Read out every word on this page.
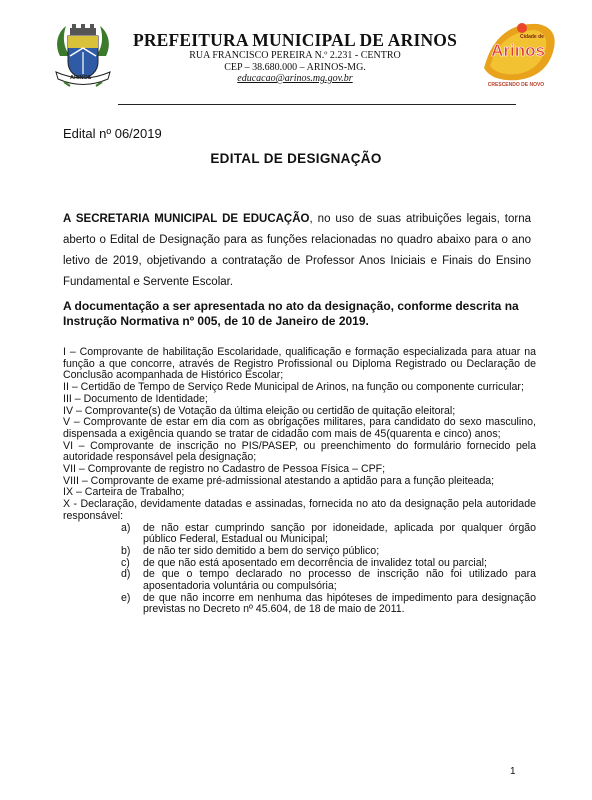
ARINOS
PREFEITURA MUNICIPAL DE ARINOS
RUA FRANCISCO PEREIRA N.º 2.231 - CENTRO
CEP – 38.680.000 – ARINOS-MG.
educacao@arinos.mg.gov.br
Arinos
Cidade de
CRESCENDO DE NOVO
Edital nº 06/2019
EDITAL DE DESIGNAÇÃO
A SECRETARIA MUNICIPAL DE EDUCAÇÃO, no uso de suas atribuições legais, torna aberto o Edital de Designação para as funções relacionadas no quadro abaixo para o ano letivo de 2019, objetivando a contratação de Professor Anos Iniciais e Finais do Ensino Fundamental e Servente Escolar.
A documentação a ser apresentada no ato da designação, conforme descrita na Instrução Normativa nº 005, de 10 de Janeiro de 2019.

I – Comprovante de habilitação Escolaridade, qualificação e formação especializada para atuar na função a que concorre, através de Registro Profissional ou Diploma Registrado ou Declaração de Conclusão acompanhada de Histórico Escolar;

II – Certidão de Tempo de Serviço Rede Municipal de Arinos, na função ou componente curricular;

III – Documento de Identidade;

IV – Comprovante(s) de Votação da última eleição ou certidão de quitação eleitoral;

V – Comprovante de estar em dia com as obrigações militares, para candidato do sexo masculino, dispensada a exigência quando se tratar de cidadão com mais de 45(quarenta e cinco) anos;

VI – Comprovante de inscrição no PIS/PASEP, ou preenchimento do formulário fornecido pela autoridade responsável pela designação;

VII – Comprovante de registro no Cadastro de Pessoa Física – CPF;

VIII – Comprovante de exame pré-admissional atestando a aptidão para a função pleiteada;

IX – Carteira de Trabalho;

X - Declaração, devidamente datadas e assinadas, fornecida no ato da designação pela autoridade responsável:

a)	de não estar cumprindo sanção por idoneidade, aplicada por qualquer órgão público Federal, Estadual ou Municipal;

b)	de não ter sido demitido a bem do serviço público;

c)	de que não está aposentado em decorrência de invalidez total ou parcial;

d)	de que o tempo declarado no processo de inscrição não foi utilizado para aposentadoria voluntária ou compulsória;

e)	de que não incorre em nenhuma das hipóteses de impedimento para designação previstas no Decreto nº 45.604, de 18 de maio de 2011.

1
